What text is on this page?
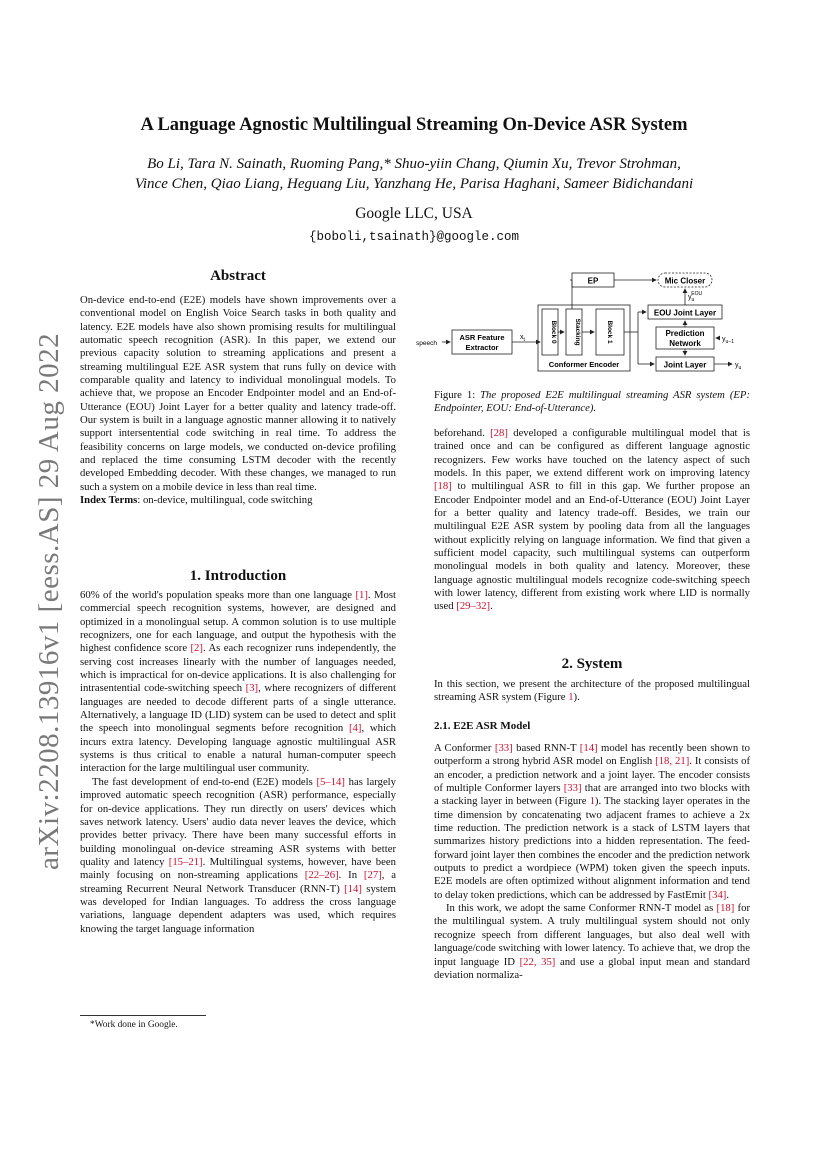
arXiv:2208.13916v1 [eess.AS] 29 Aug 2022
A Language Agnostic Multilingual Streaming On-Device ASR System
Bo Li, Tara N. Sainath, Ruoming Pang,* Shuo-yiin Chang, Qiumin Xu, Trevor Strohman,
Vince Chen, Qiao Liang, Heguang Liu, Yanzhang He, Parisa Haghani, Sameer Bidichandani
Google LLC, USA
{boboli,tsainath}@google.com
Abstract

On-device end-to-end (E2E) models have shown improvements over a conventional model on English Voice Search tasks in both quality and latency. E2E models have also shown promising results for multilingual automatic speech recognition (ASR). In this paper, we extend our previous capacity solution to streaming applications and present a streaming multilingual E2E ASR system that runs fully on device with comparable quality and latency to individual monolingual models. To achieve that, we propose an Encoder Endpointer model and an End-of-Utterance (EOU) Joint Layer for a better quality and latency trade-off. Our system is built in a language agnostic manner allowing it to natively support intersentential code switching in real time. To address the feasibility concerns on large models, we conducted on-device profiling and replaced the time consuming LSTM decoder with the recently developed Embedding decoder. With these changes, we managed to run such a system on a mobile device in less than real time.
Index Terms: on-device, multilingual, code switching

1. Introduction

60% of the world's population speaks more than one language [1]. Most commercial speech recognition systems, however, are designed and optimized in a monolingual setup. A common solution is to use multiple recognizers, one for each language, and output the hypothesis with the highest confidence score [2]. As each recognizer runs independently, the serving cost increases linearly with the number of languages needed, which is impractical for on-device applications. It is also challenging for intrasentential code-switching speech [3], where recognizers of different languages are needed to decode different parts of a single utterance. Alternatively, a language ID (LID) system can be used to detect and split the speech into monolingual segments before recognition [4], which incurs extra latency. Developing language agnostic multilingual ASR systems is thus critical to enable a natural human-computer speech interaction for the large multilingual user community.

The fast development of end-to-end (E2E) models [5–14] has largely improved automatic speech recognition (ASR) performance, especially for on-device applications. They run directly on users' devices which saves network latency. Users' audio data never leaves the device, which provides better privacy. There have been many successful efforts in building monolingual on-device streaming ASR systems with better quality and latency [15–21]. Multilingual systems, however, have been mainly focusing on non-streaming applications [22–26]. In [27], a streaming Recurrent Neural Network Transducer (RNN-T) [14] system was developed for Indian languages. To address the cross language variations, language dependent adapters was used, which requires knowing the target language information

*Work done in Google.
EP	Mic Closer
EOU Joint Layer
$y_uEOU$
Prediction
Network	$y_{u-1}$
Joint Layer	$y_u$
Block 0	Stacking	Block 1
Conformer Encoder
ASR Feature
Extractor
speech
$x_t$
Figure 1: The proposed E2E multilingual streaming ASR system (EP: Endpointer, EOU: End-of-Utterance).

beforehand. [28] developed a configurable multilingual model that is trained once and can be configured as different language agnostic recognizers. Few works have touched on the latency aspect of such models. In this paper, we extend different work on improving latency [18] to multilingual ASR to fill in this gap. We further propose an Encoder Endpointer model and an End-of-Utterance (EOU) Joint Layer for a better quality and latency trade-off. Besides, we train our multilingual E2E ASR system by pooling data from all the languages without explicitly relying on language information. We find that given a sufficient model capacity, such multilingual systems can outperform monolingual models in both quality and latency. Moreover, these language agnostic multilingual models recognize code-switching speech with lower latency, different from existing work where LID is normally used [29–32].

2. System

In this section, we present the architecture of the proposed multilingual streaming ASR system (Figure 1).

2.1. E2E ASR Model

A Conformer [33] based RNN-T [14] model has recently been shown to outperform a strong hybrid ASR model on English [18, 21]. It consists of an encoder, a prediction network and a joint layer. The encoder consists of multiple Conformer layers [33] that are arranged into two blocks with a stacking layer in between (Figure 1). The stacking layer operates in the time dimension by concatenating two adjacent frames to achieve a 2x time reduction. The prediction network is a stack of LSTM layers that summarizes history predictions into a hidden representation. The feed-forward joint layer then combines the encoder and the prediction network outputs to predict a wordpiece (WPM) token given the speech inputs. E2E models are often optimized without alignment information and tend to delay token predictions, which can be addressed by FastEmit [34].

In this work, we adopt the same Conformer RNN-T model as [18] for the multilingual system. A truly multilingual system should not only recognize speech from different languages, but also deal well with language/code switching with lower latency. To achieve that, we drop the input language ID [22, 35] and use a global input mean and standard deviation normaliza-
